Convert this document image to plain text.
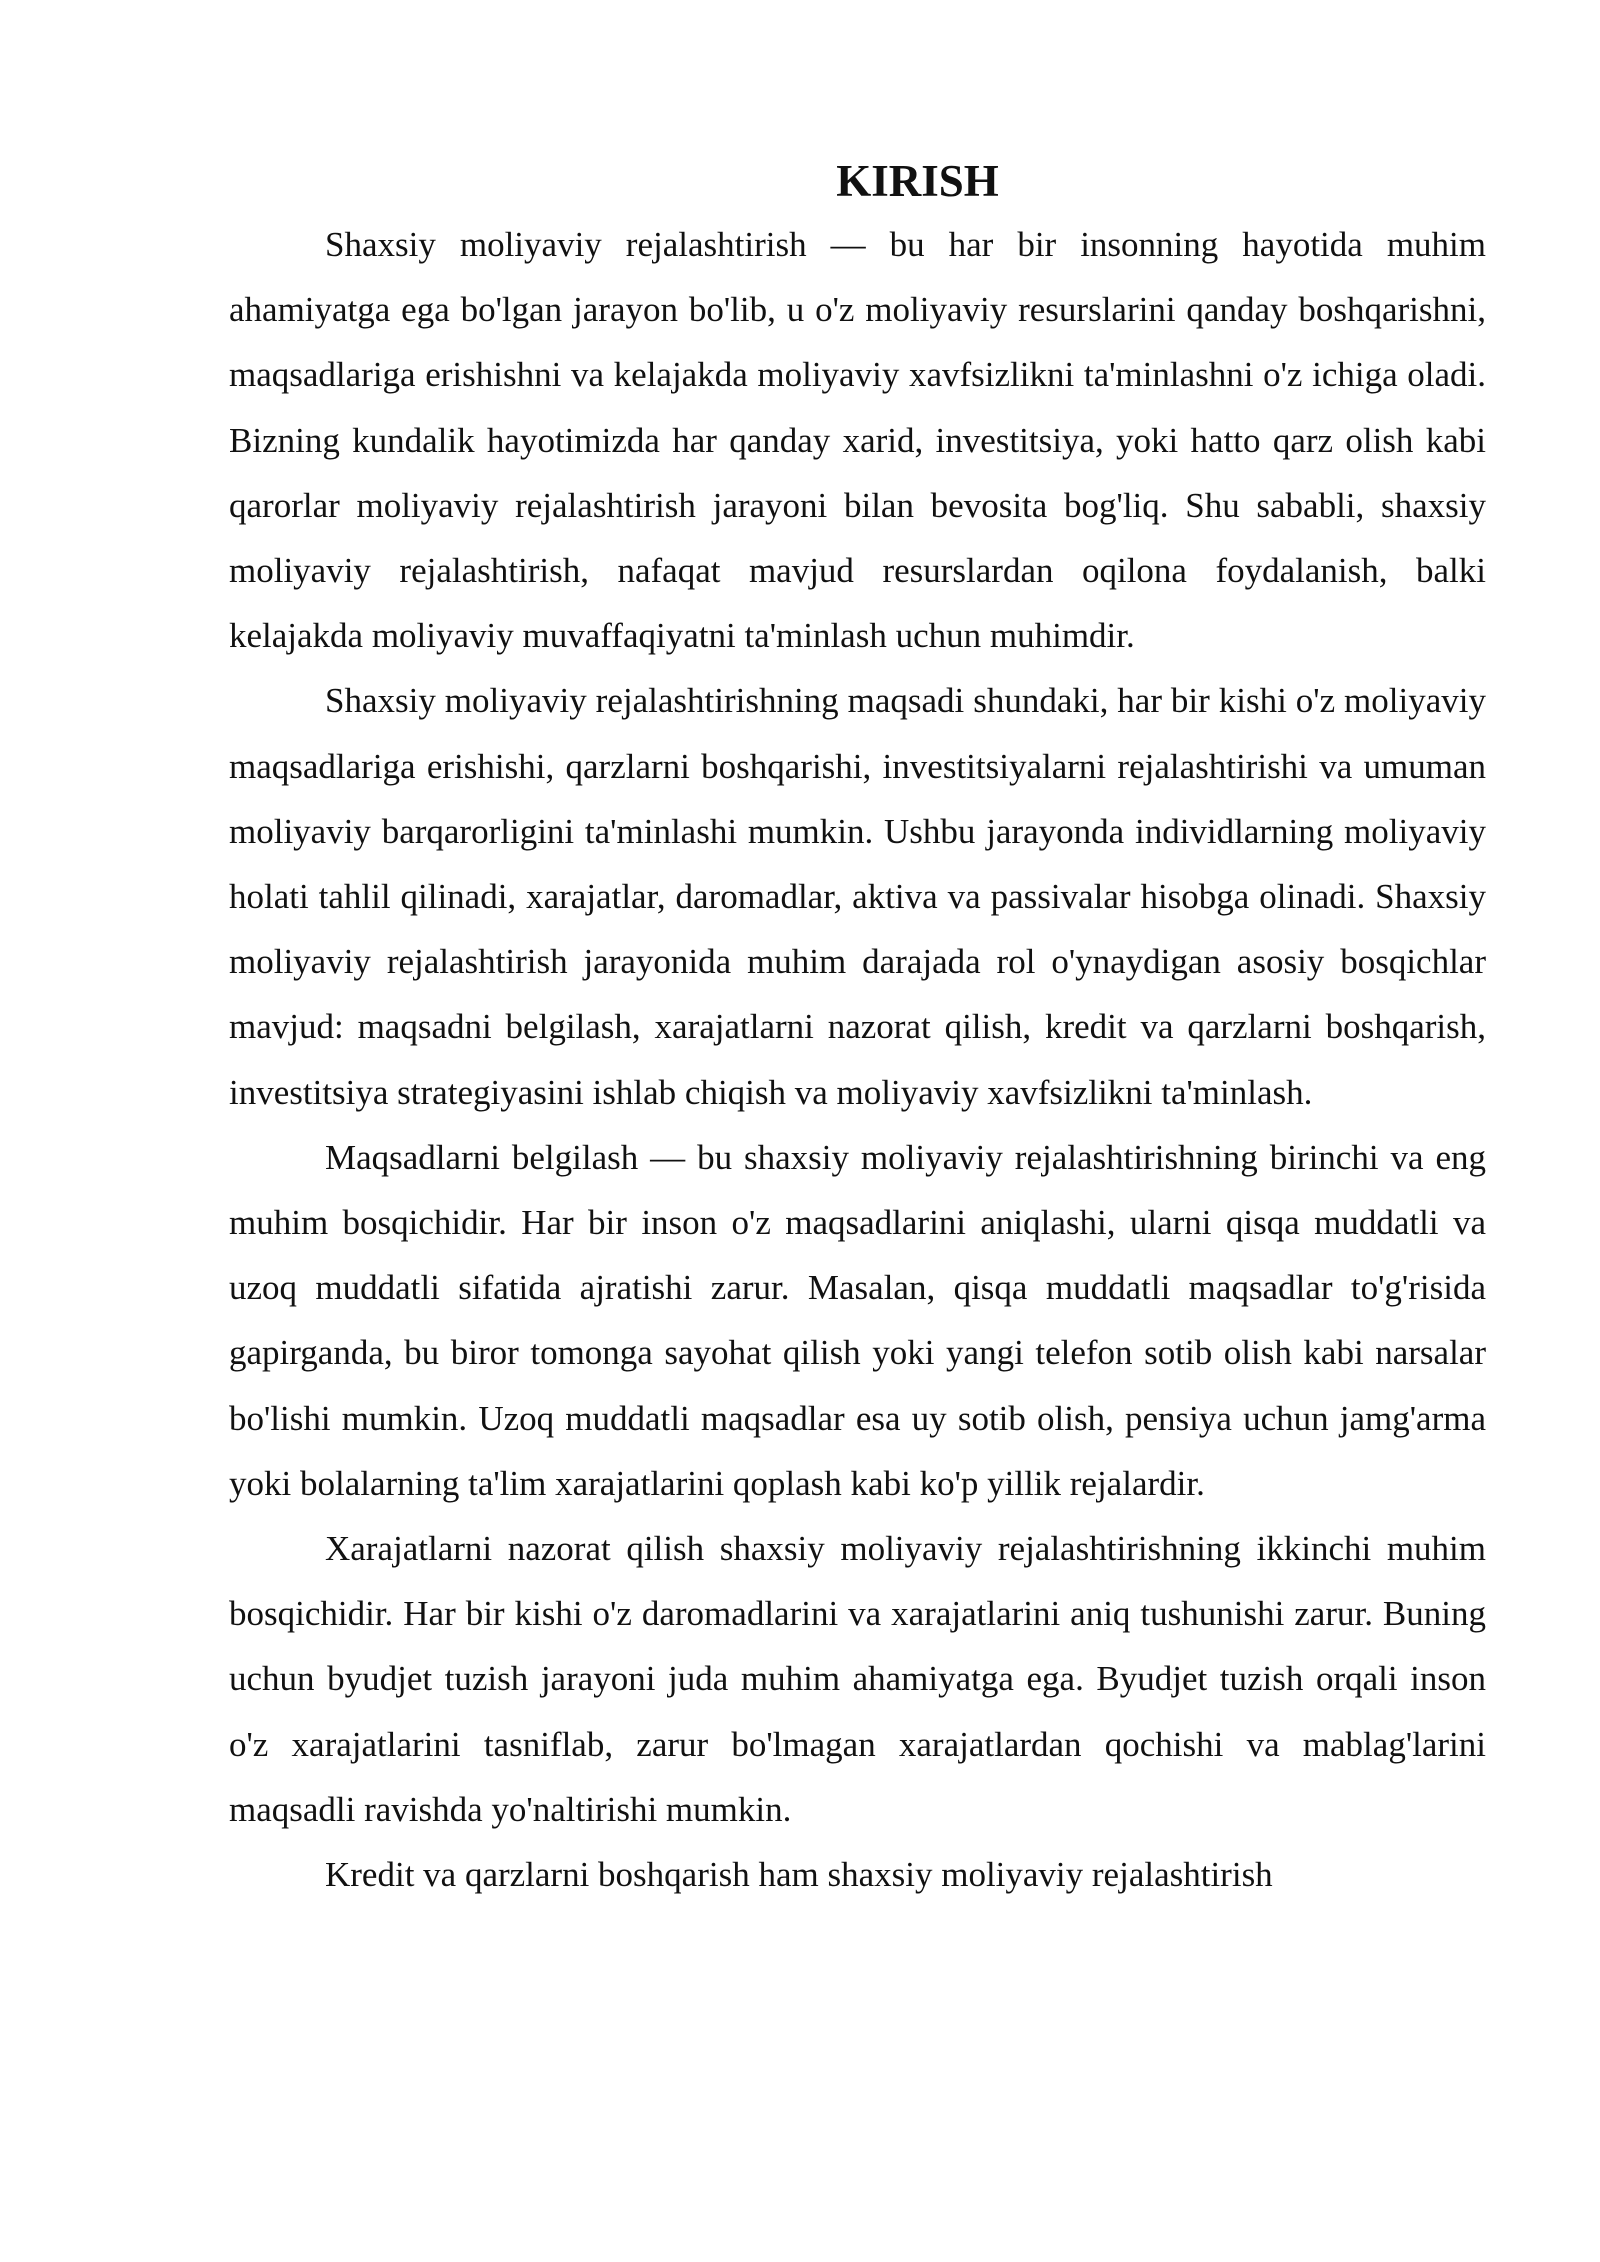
KIRISH

Shaxsiy moliyaviy rejalashtirish — bu har bir insonning hayotida muhim ahamiyatga ega bo'lgan jarayon bo'lib, u o'z moliyaviy resurslarini qanday boshqarishni, maqsadlariga erishishni va kelajakda moliyaviy xavfsizlikni ta'minlashni o'z ichiga oladi. Bizning kundalik hayotimizda har qanday xarid, investitsiya, yoki hatto qarz olish kabi qarorlar moliyaviy rejalashtirish jarayoni bilan bevosita bog'liq. Shu sababli, shaxsiy moliyaviy rejalashtirish, nafaqat mavjud resurslardan oqilona foydalanish, balki kelajakda moliyaviy muvaffaqiyatni ta'minlash uchun muhimdir.

Shaxsiy moliyaviy rejalashtirishning maqsadi shundaki, har bir kishi o'z moliyaviy maqsadlariga erishishi, qarzlarni boshqarishi, investitsiyalarni rejalashtirishi va umuman moliyaviy barqarorligini ta'minlashi mumkin. Ushbu jarayonda individlarning moliyaviy holati tahlil qilinadi, xarajatlar, daromadlar, aktiva va passivalar hisobga olinadi. Shaxsiy moliyaviy rejalashtirish jarayonida muhim darajada rol o'ynaydigan asosiy bosqichlar mavjud: maqsadni belgilash, xarajatlarni nazorat qilish, kredit va qarzlarni boshqarish, investitsiya strategiyasini ishlab chiqish va moliyaviy xavfsizlikni ta'minlash.

Maqsadlarni belgilash — bu shaxsiy moliyaviy rejalashtirishning birinchi va eng muhim bosqichidir. Har bir inson o'z maqsadlarini aniqlashi, ularni qisqa muddatli va uzoq muddatli sifatida ajratishi zarur. Masalan, qisqa muddatli maqsadlar to'g'risida gapirganda, bu biror tomonga sayohat qilish yoki yangi telefon sotib olish kabi narsalar bo'lishi mumkin. Uzoq muddatli maqsadlar esa uy sotib olish, pensiya uchun jamg'arma yoki bolalarning ta'lim xarajatlarini qoplash kabi ko'p yillik rejalardir.

Xarajatlarni nazorat qilish shaxsiy moliyaviy rejalashtirishning ikkinchi muhim bosqichidir. Har bir kishi o'z daromadlarini va xarajatlarini aniq tushunishi zarur. Buning uchun byudjet tuzish jarayoni juda muhim ahamiyatga ega. Byudjet tuzish orqali inson o'z xarajatlarini tasniflab, zarur bo'lmagan xarajatlardan qochishi va mablag'larini maqsadli ravishda yo'naltirishi mumkin.

Kredit va qarzlarni boshqarish ham shaxsiy moliyaviy rejalashtirish
